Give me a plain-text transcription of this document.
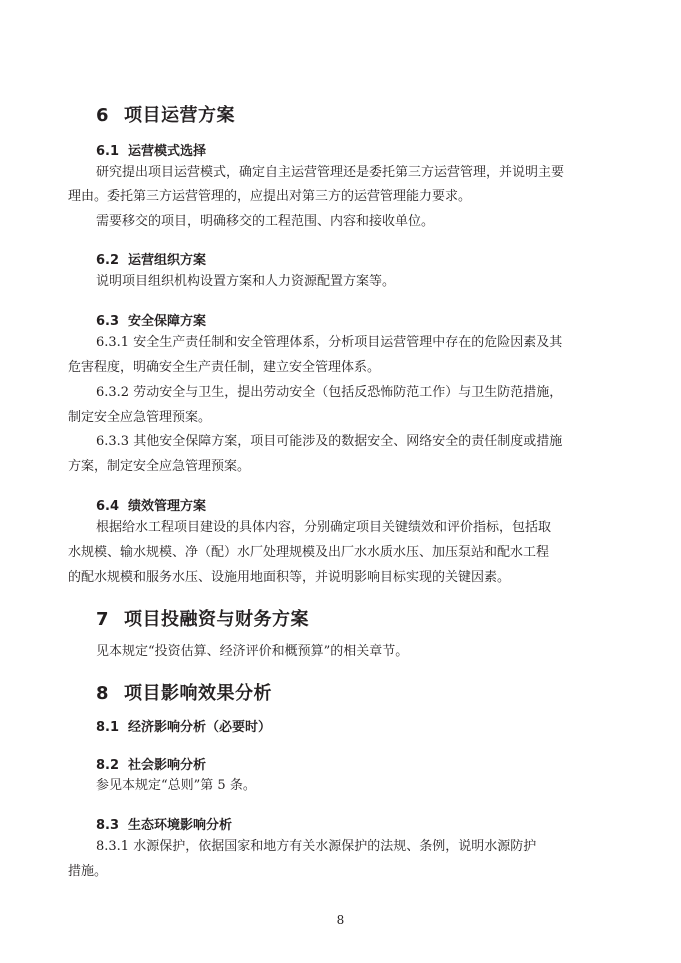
6 项目运营方案
6.1 运营模式选择
研究提出项目运营模式，确定自主运营管理还是委托第三方运营管理，并说明主要
理由。委托第三方运营管理的，应提出对第三方的运营管理能力要求。
需要移交的项目，明确移交的工程范围、内容和接收单位。
6.2 运营组织方案
说明项目组织机构设置方案和人力资源配置方案等。
6.3 安全保障方案
6.3.1 安全生产责任制和安全管理体系，分析项目运营管理中存在的危险因素及其
危害程度，明确安全生产责任制，建立安全管理体系。
6.3.2 劳动安全与卫生，提出劳动安全（包括反恐怖防范工作）与卫生防范措施，
制定安全应急管理预案。
6.3.3 其他安全保障方案，项目可能涉及的数据安全、网络安全的责任制度或措施
方案，制定安全应急管理预案。
6.4 绩效管理方案
根据给水工程项目建设的具体内容，分别确定项目关键绩效和评价指标，包括取
水规模、输水规模、净（配）水厂处理规模及出厂水水质水压、加压泵站和配水工程
的配水规模和服务水压、设施用地面积等，并说明影响目标实现的关键因素。
7 项目投融资与财务方案
见本规定“投资估算、经济评价和概预算”的相关章节。
8 项目影响效果分析
8.1 经济影响分析（必要时）
8.2 社会影响分析
参见本规定“总则”第 5 条。
8.3 生态环境影响分析
8.3.1 水源保护，依据国家和地方有关水源保护的法规、条例，说明水源防护
措施。
8
